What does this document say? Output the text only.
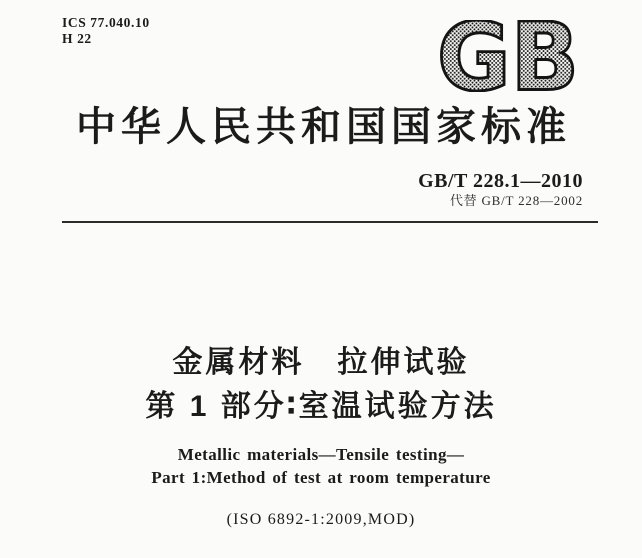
ICS 77.040.10
H 22	GB
中华人民共和国国家标准
GB/T 228.1—2010
代替 GB/T 228—2002
金属材料　拉伸试验
第 1 部分∶室温试验方法
Metallic materials—Tensile testing—
Part 1:Method of test at room temperature
(ISO 6892-1:2009,MOD)
